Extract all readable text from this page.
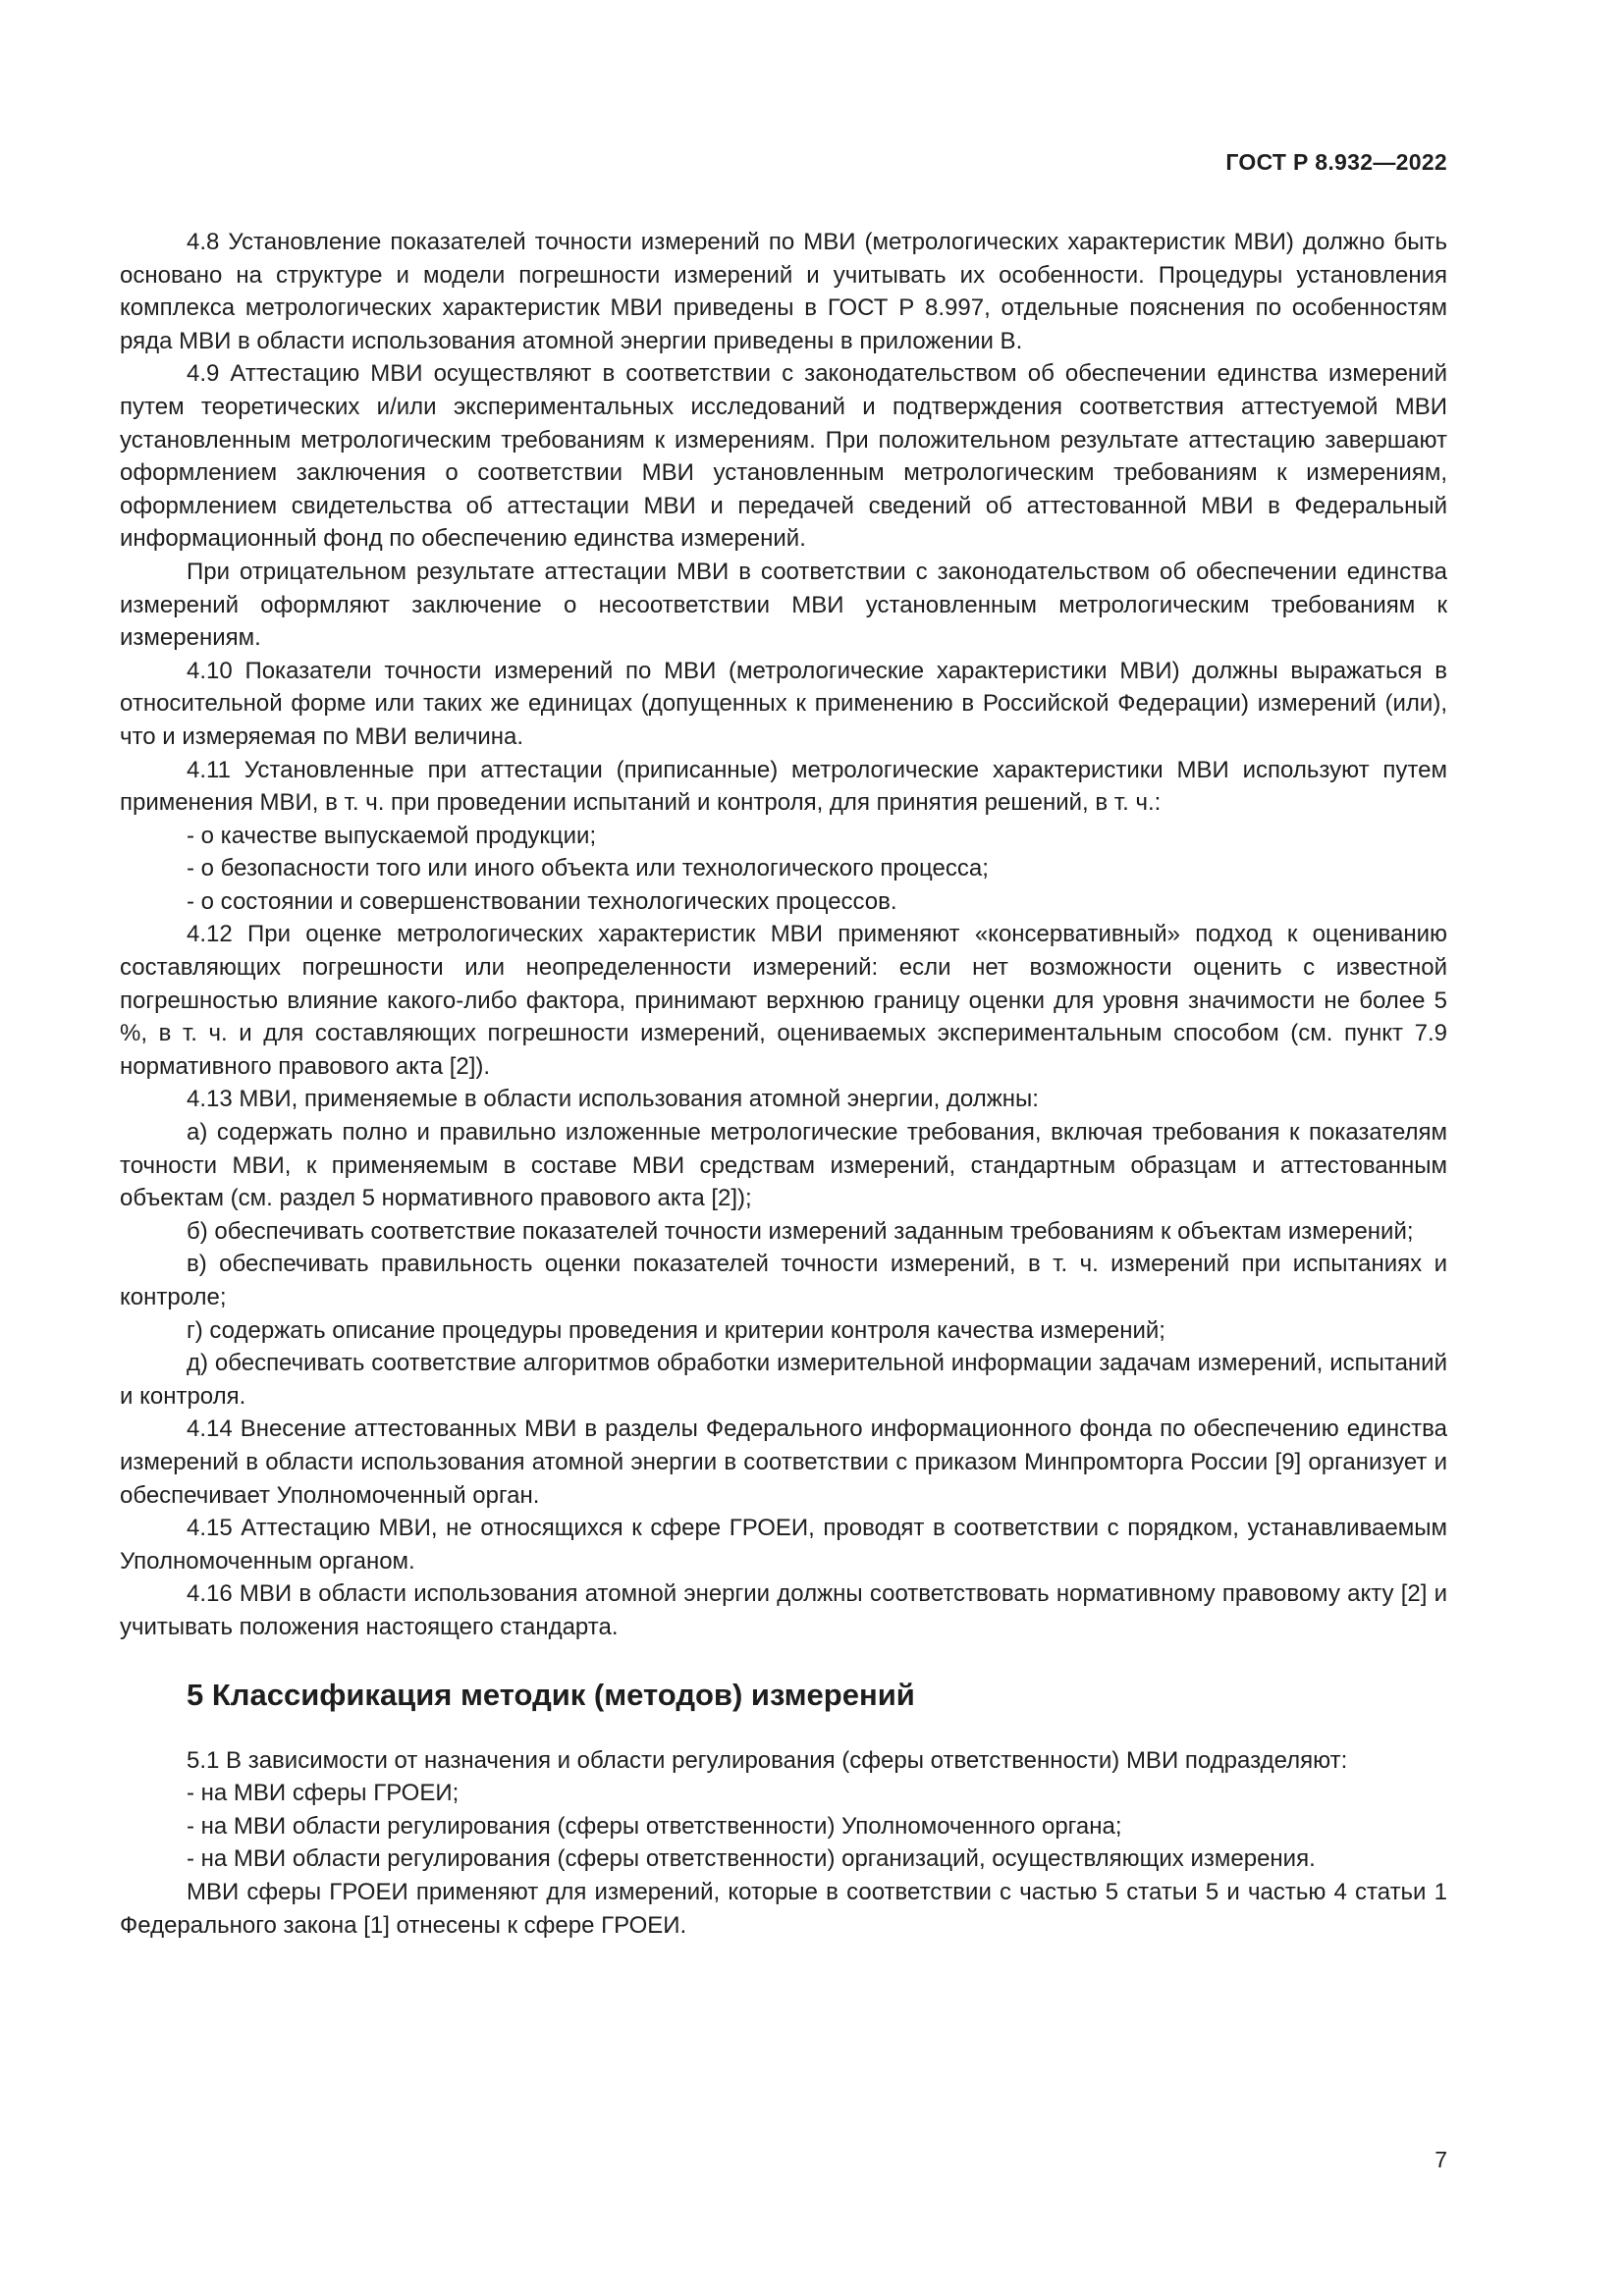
ГОСТ Р 8.932—2022

4.8 Установление показателей точности измерений по МВИ (метрологических характеристик МВИ) должно быть основано на структуре и модели погрешности измерений и учитывать их особенности. Процедуры установления комплекса метрологических характеристик МВИ приведены в ГОСТ Р 8.997, отдельные пояснения по особенностям ряда МВИ в области использования атомной энергии приведены в приложении В.

4.9 Аттестацию МВИ осуществляют в соответствии с законодательством об обеспечении единства измерений путем теоретических и/или экспериментальных исследований и подтверждения соответствия аттестуемой МВИ установленным метрологическим требованиям к измерениям. При положительном результате аттестацию завершают оформлением заключения о соответствии МВИ установленным метрологическим требованиям к измерениям, оформлением свидетельства об аттестации МВИ и передачей сведений об аттестованной МВИ в Федеральный информационный фонд по обеспечению единства измерений.

При отрицательном результате аттестации МВИ в соответствии с законодательством об обеспечении единства измерений оформляют заключение о несоответствии МВИ установленным метрологическим требованиям к измерениям.

4.10 Показатели точности измерений по МВИ (метрологические характеристики МВИ) должны выражаться в относительной форме или таких же единицах (допущенных к применению в Российской Федерации) измерений (или), что и измеряемая по МВИ величина.

4.11 Установленные при аттестации (приписанные) метрологические характеристики МВИ используют путем применения МВИ, в т. ч. при проведении испытаний и контроля, для принятия решений, в т. ч.:

- о качестве выпускаемой продукции;

- о безопасности того или иного объекта или технологического процесса;

- о состоянии и совершенствовании технологических процессов.

4.12 При оценке метрологических характеристик МВИ применяют «консервативный» подход к оцениванию составляющих погрешности или неопределенности измерений: если нет возможности оценить с известной погрешностью влияние какого-либо фактора, принимают верхнюю границу оценки для уровня значимости не более 5 %, в т. ч. и для составляющих погрешности измерений, оцениваемых экспериментальным способом (см. пункт 7.9 нормативного правового акта [2]).

4.13 МВИ, применяемые в области использования атомной энергии, должны:

а) содержать полно и правильно изложенные метрологические требования, включая требования к показателям точности МВИ, к применяемым в составе МВИ средствам измерений, стандартным образцам и аттестованным объектам (см. раздел 5 нормативного правового акта [2]);

б) обеспечивать соответствие показателей точности измерений заданным требованиям к объектам измерений;

в) обеспечивать правильность оценки показателей точности измерений, в т. ч. измерений при испытаниях и контроле;

г) содержать описание процедуры проведения и критерии контроля качества измерений;

д) обеспечивать соответствие алгоритмов обработки измерительной информации задачам измерений, испытаний и контроля.

4.14 Внесение аттестованных МВИ в разделы Федерального информационного фонда по обеспечению единства измерений в области использования атомной энергии в соответствии с приказом Минпромторга России [9] организует и обеспечивает Уполномоченный орган.

4.15 Аттестацию МВИ, не относящихся к сфере ГРОЕИ, проводят в соответствии с порядком, устанавливаемым Уполномоченным органом.

4.16 МВИ в области использования атомной энергии должны соответствовать нормативному правовому акту [2] и учитывать положения настоящего стандарта.

5 Классификация методик (методов) измерений

5.1 В зависимости от назначения и области регулирования (сферы ответственности) МВИ подразделяют:

- на МВИ сферы ГРОЕИ;

- на МВИ области регулирования (сферы ответственности) Уполномоченного органа;

- на МВИ области регулирования (сферы ответственности) организаций, осуществляющих измерения.

МВИ сферы ГРОЕИ применяют для измерений, которые в соответствии с частью 5 статьи 5 и частью 4 статьи 1 Федерального закона [1] отнесены к сфере ГРОЕИ.

7
